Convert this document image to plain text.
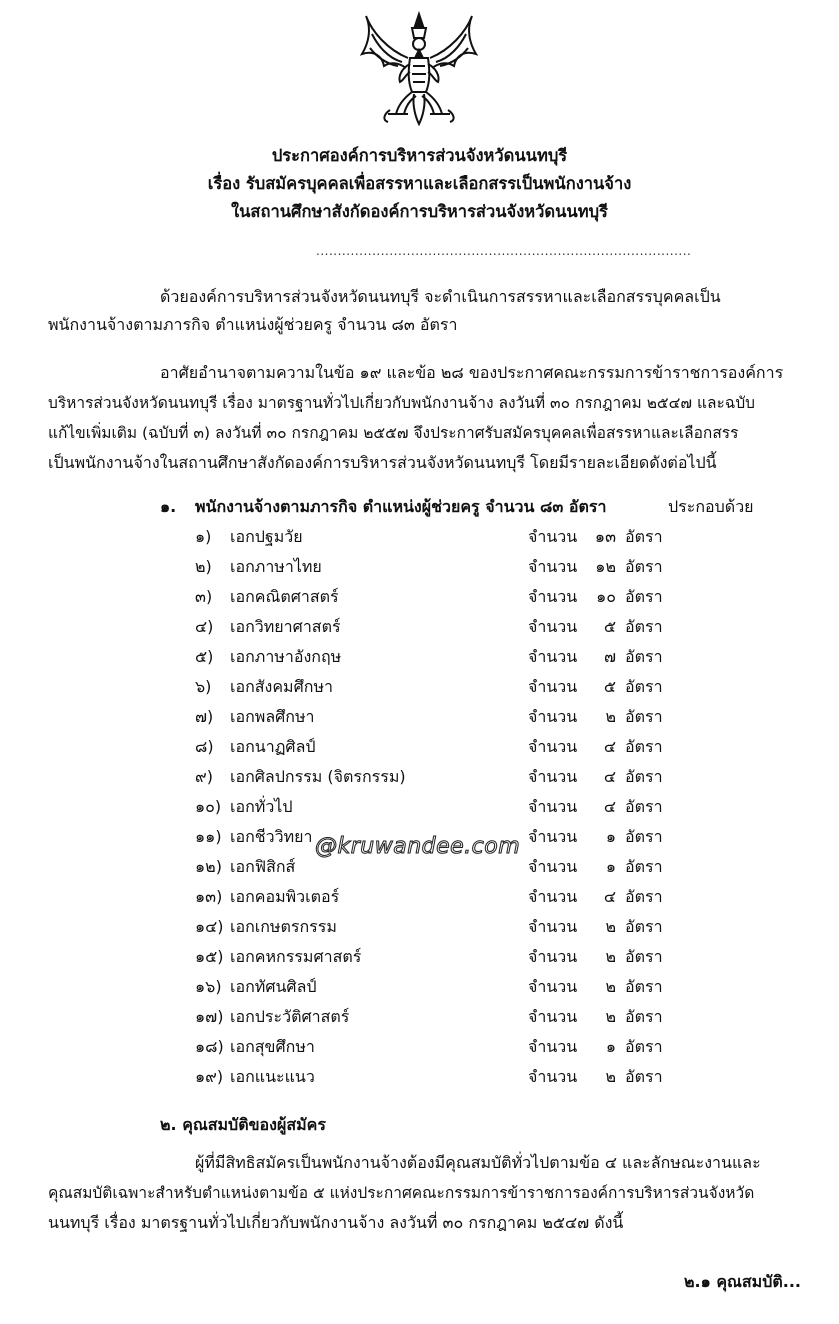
ประกาศองค์การบริหารส่วนจังหวัดนนทบุรี
เรื่อง รับสมัครบุคคลเพื่อสรรหาและเลือกสรรเป็นพนักงานจ้าง
ในสถานศึกษาสังกัดองค์การบริหารส่วนจังหวัดนนทบุรี
.......................................................................................
ด้วยองค์การบริหารส่วนจังหวัดนนทบุรี จะดำเนินการสรรหาและเลือกสรรบุคคลเป็น
พนักงานจ้างตามภารกิจ ตำแหน่งผู้ช่วยครู จำนวน ๘๓ อัตรา
อาศัยอำนาจตามความในข้อ ๑๙ และข้อ ๒๘ ของประกาศคณะกรรมการข้าราชการองค์การ
บริหารส่วนจังหวัดนนทบุรี เรื่อง มาตรฐานทั่วไปเกี่ยวกับพนักงานจ้าง ลงวันที่ ๓๐ กรกฎาคม ๒๕๔๗ และฉบับ
แก้ไขเพิ่มเติม (ฉบับที่ ๓) ลงวันที่ ๓๐ กรกฎาคม ๒๕๕๗ จึงประกาศรับสมัครบุคคลเพื่อสรรหาและเลือกสรร
เป็นพนักงานจ้างในสถานศึกษาสังกัดองค์การบริหารส่วนจังหวัดนนทบุรี โดยมีรายละเอียดดังต่อไปนี้
๑. พนักงานจ้างตามภารกิจ ตำแหน่งผู้ช่วยครู จำนวน ๘๓ อัตรา	ประกอบด้วย
๑) เอกปฐมวัย	จำนวน	๑๓ อัตรา
๒) เอกภาษาไทย	จำนวน	๑๒ อัตรา
๓) เอกคณิตศาสตร์	จำนวน	๑๐ อัตรา
๔) เอกวิทยาศาสตร์	จำนวน	๕ อัตรา
๕) เอกภาษาอังกฤษ	จำนวน	๗ อัตรา
๖) เอกสังคมศึกษา	จำนวน	๕ อัตรา
๗) เอกพลศึกษา	จำนวน	๒ อัตรา
๘) เอกนาฏศิลป์	จำนวน	๔ อัตรา
๙) เอกศิลปกรรม (จิตรกรรม)	จำนวน	๔ อัตรา
๑๐) เอกทั่วไป	จำนวน	๔ อัตรา
๑๑) เอกชีววิทยา	จำนวน	๑ อัตรา
๑๒) เอกฟิสิกส์	จำนวน	๑ อัตรา
๑๓) เอกคอมพิวเตอร์	จำนวน	๔ อัตรา
๑๔) เอกเกษตรกรรม	จำนวน	๒ อัตรา
๑๕) เอกคหกรรมศาสตร์	จำนวน	๒ อัตรา
๑๖) เอกทัศนศิลป์	จำนวน	๒ อัตรา
๑๗) เอกประวัติศาสตร์	จำนวน	๒ อัตรา
๑๘) เอกสุขศึกษา	จำนวน	๑ อัตรา
๑๙) เอกแนะแนว	จำนวน	๒ อัตรา
@kruwandee.com
๒. คุณสมบัติของผู้สมัคร
ผู้ที่มีสิทธิสมัครเป็นพนักงานจ้างต้องมีคุณสมบัติทั่วไปตามข้อ ๔ และลักษณะงานและ
คุณสมบัติเฉพาะสำหรับตำแหน่งตามข้อ ๕ แห่งประกาศคณะกรรมการข้าราชการองค์การบริหารส่วนจังหวัด
นนทบุรี เรื่อง มาตรฐานทั่วไปเกี่ยวกับพนักงานจ้าง ลงวันที่ ๓๐ กรกฎาคม ๒๕๔๗ ดังนี้
๒.๑ คุณสมบัติ...
